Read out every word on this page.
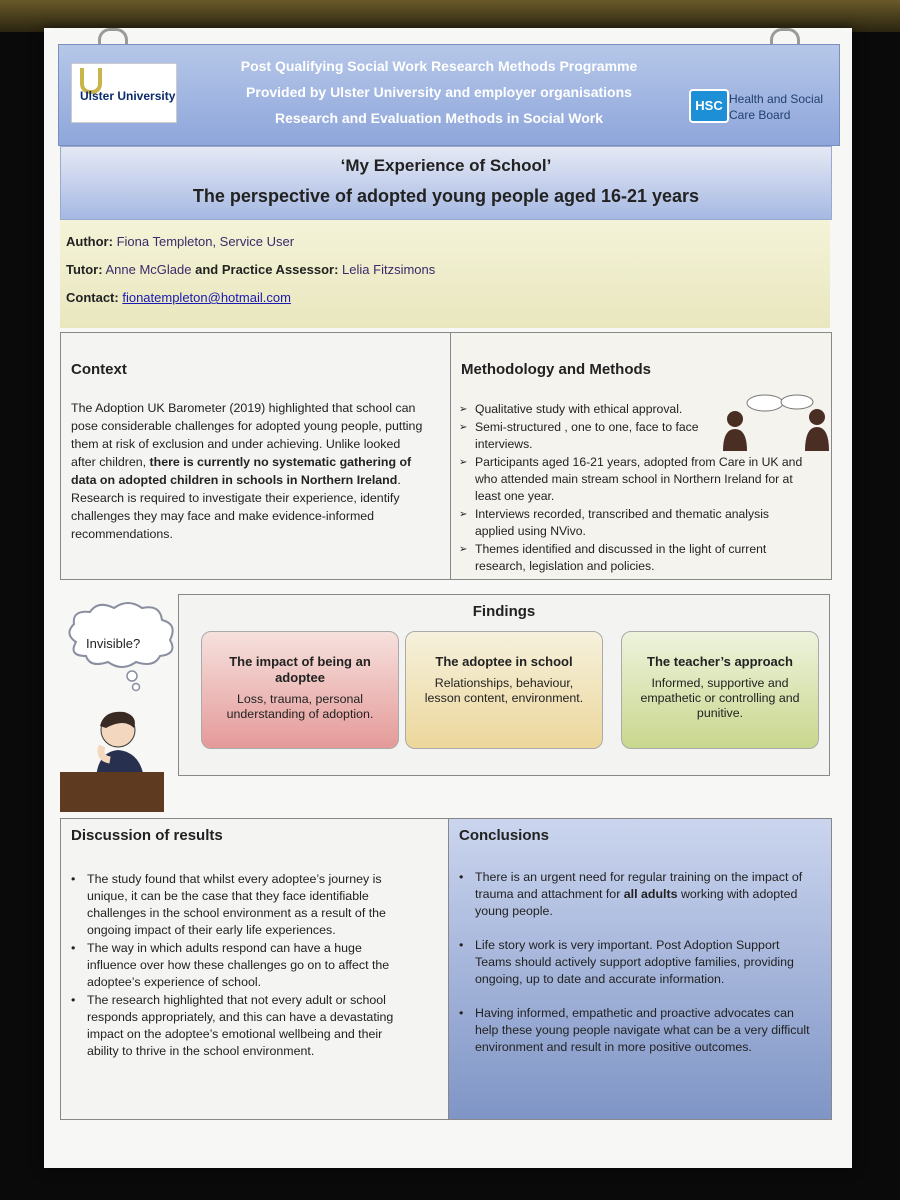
Ulster University
Post Qualifying Social Work Research Methods Programme
Provided by Ulster University and employer organisations
Research and Evaluation Methods in Social Work
HSC Health and Social Care Board
‘My Experience of School’
The perspective of adopted young people aged 16-21 years
Author: Fiona Templeton, Service User
Tutor: Anne McGlade and Practice Assessor: Lelia Fitzsimons
Contact: fionatempleton@hotmail.com
Context
The Adoption UK Barometer (2019) highlighted that school can pose considerable challenges for adopted young people, putting them at risk of exclusion and under achieving. Unlike looked after children, there is currently no systematic gathering of data on adopted children in schools in Northern Ireland. Research is required to investigate their experience, identify challenges they may face and make evidence-informed recommendations.
Methodology and Methods
➢ Qualitative study with ethical approval.
➢ Semi-structured , one to one, face to face interviews.
➢ Participants aged 16-21 years, adopted from Care in UK and who attended main stream school in Northern Ireland for at least one year.
➢ Interviews recorded, transcribed and thematic analysis applied using NVivo.
➢ Themes identified and discussed in the light of current research, legislation and policies.
Invisible?
Findings
The impact of being an adoptee
Loss, trauma, personal understanding of adoption.
The adoptee in school
Relationships, behaviour, lesson content, environment.
The teacher’s approach
Informed, supportive and empathetic or controlling and punitive.
Discussion of results
• The study found that whilst every adoptee’s journey is unique, it can be the case that they face identifiable challenges in the school environment as a result of the ongoing impact of their early life experiences.
• The way in which adults respond can have a huge influence over how these challenges go on to affect the adoptee’s experience of school.
• The research highlighted that not every adult or school responds appropriately, and this can have a devastating impact on the adoptee’s emotional wellbeing and their ability to thrive in the school environment.
Conclusions
• There is an urgent need for regular training on the impact of trauma and attachment for all adults working with adopted young people.
• Life story work is very important. Post Adoption Support Teams should actively support adoptive families, providing ongoing, up to date and accurate information.
• Having informed, empathetic and proactive advocates can help these young people navigate what can be a very difficult environment and result in more positive outcomes.
